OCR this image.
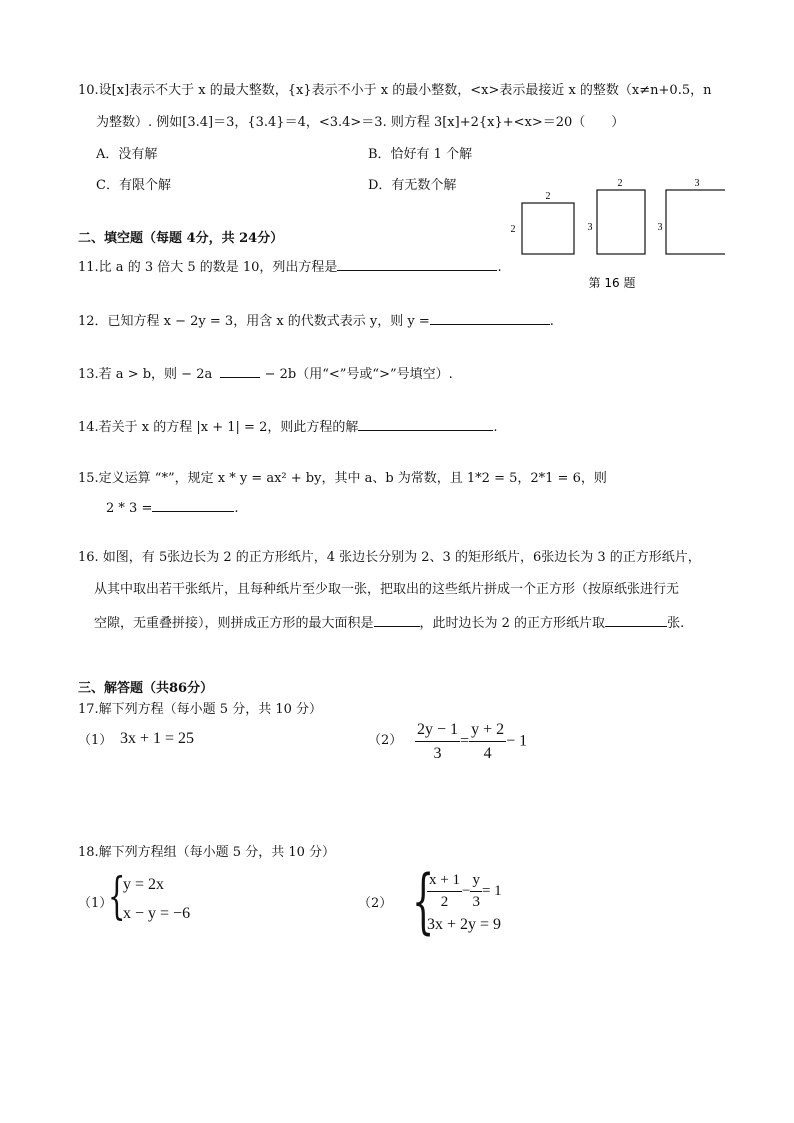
10.设[x]表示不大于 x 的最大整数，{x}表示不小于 x 的最小整数，<x>表示最接近 x 的整数（x≠n+0.5，n
为整数）. 例如[3.4]＝3，{3.4}＝4，<3.4>＝3. 则方程 3[x]+2{x}+<x>＝20（　　）
A．没有解	B．恰好有 1 个解
C．有限个解	D．有无数个解
2
2
2
3
3
3
第 16 题
二、填空题（每题 4分，共 24分）
11.比 a 的 3 倍大 5 的数是 10，列出方程是	.
12．已知方程 x − 2y = 3，用含 x 的代数式表示 y，则 y =	.
13.若 a > b，则 − 2a	− 2b（用“<”号或“>”号填空）.
14.若关于 x 的方程 |x + 1| = 2，则此方程的解	.
15.定义运算 “*”，规定 x * y = ax² + by，其中 a、b 为常数，且 1*2 = 5，2*1 = 6，则
2 * 3 =	.
16. 如图，有 5张边长为 2 的正方形纸片，4 张边长分别为 2、3 的矩形纸片，6张边长为 3 的正方形纸片，
从其中取出若干张纸片，且每种纸片至少取一张，把取出的这些纸片拼成一个正方形（按原纸张进行无
空隙，无重叠拼接），则拼成正方形的最大面积是	，此时边长为 2 的正方形纸片取	张.
三、解答题（共86分）
17.解下列方程（每小题 5 分，共 10 分）
（1） 3x + 1 = 25	$(2) \frac{2y - 1}{3} = \frac{y + 2}{4} - 1$
18.解下列方程组（每小题 5 分，共 10 分）
（1）
{
y = 2x
x − y = −6
（2） {
$\frac{x + 1}{2} - \frac{y}{3} = 1$
3x + 2y = 9
